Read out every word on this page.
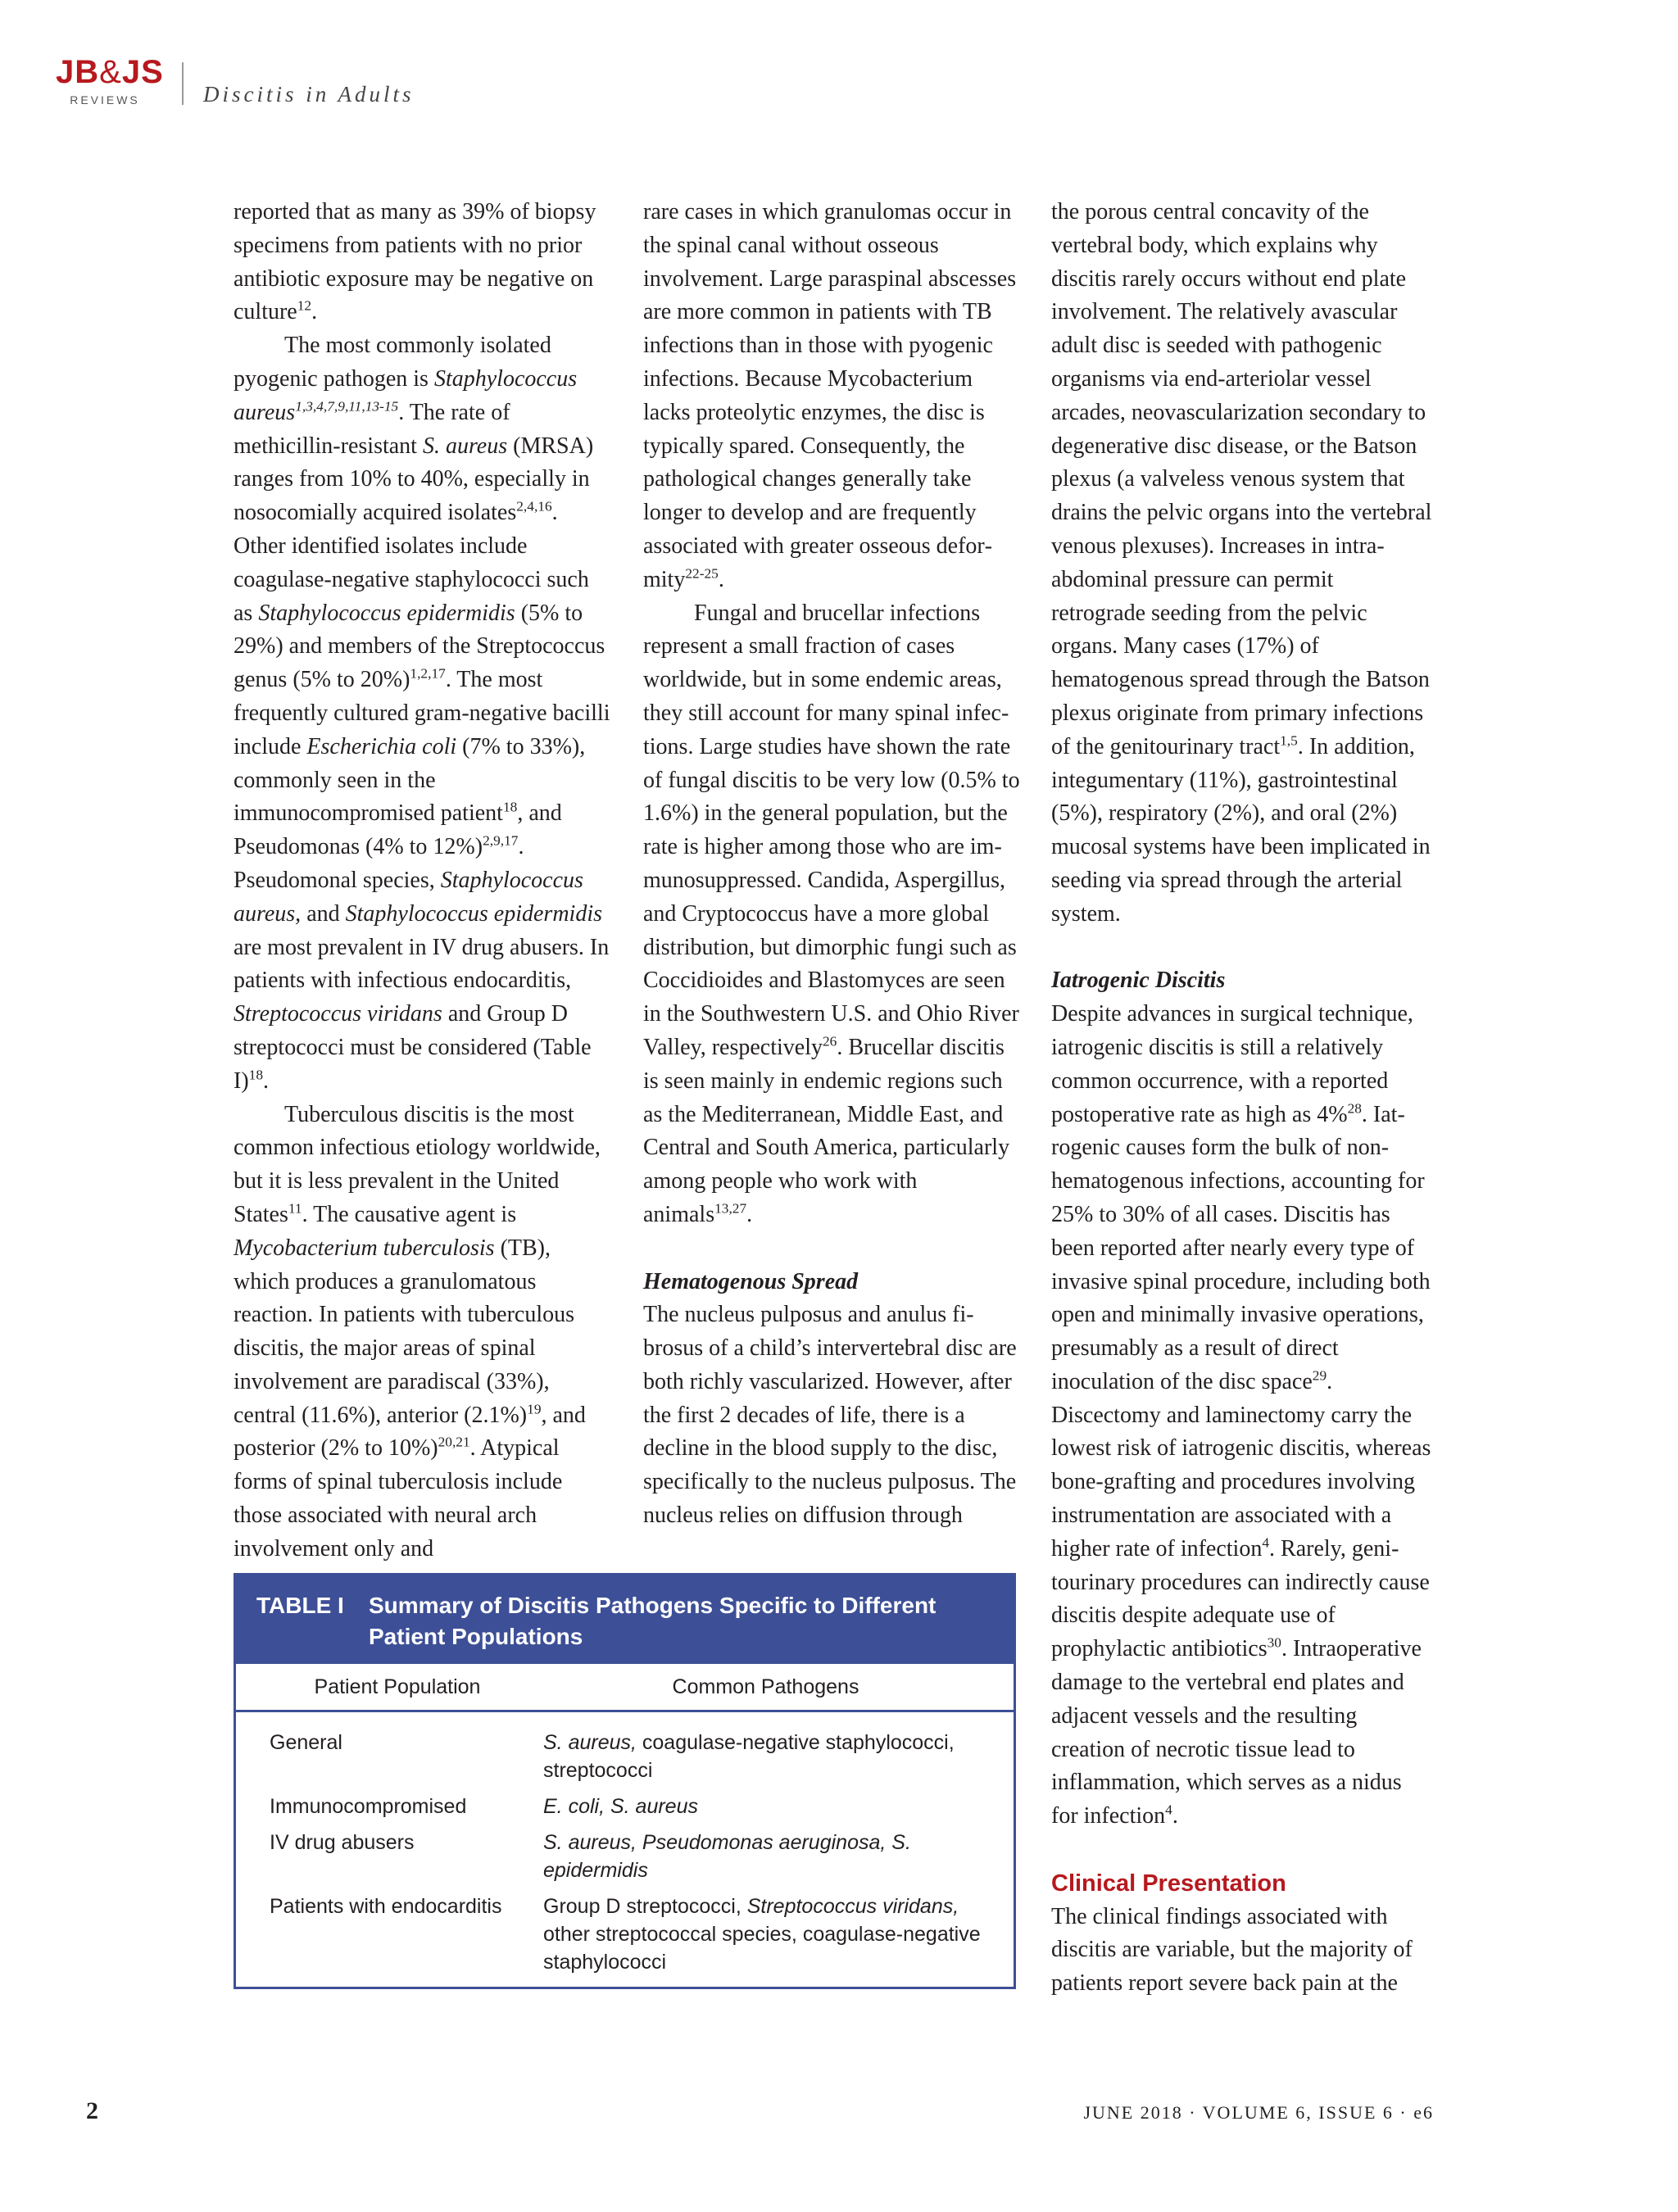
JB&JS
REVIEWS	Discitis in Adults

reported that as many as 39% of biopsy specimens from patients with no prior antibiotic exposure may be negative on culture$^{12}$.

The most commonly isolated pyogenic pathogen is Staphylococcus aureus$^{1,3,4,7,9,11,13-15}$. The rate of methicillin-resistant S. aureus (MRSA) ranges from 10% to 40%, especially in nosocomially acquired isolates$^{2,4,16}$. Other identified isolates include coagulase-negative staphylococci such as Staphylococcus epidermidis (5% to 29%) and members of the Streptococcus genus (5% to 20%)$^{1,2,17}$. The most frequently cultured gram-negative bacilli include Escherichia coli (7% to 33%), commonly seen in the immunocompromised patient$^{18}$, and Pseudomonas (4% to 12%)$^{2,9,17}$. Pseudomonal species, Staphylococcus aureus, and Staphylococcus epidermidis are most prevalent in IV drug abusers. In patients with infectious endocarditis, Streptococcus viridans and Group D streptococci must be considered (Table I)$^{18}$.

Tuberculous discitis is the most common infectious etiology worldwide, but it is less prevalent in the United States$^{11}$. The causative agent is Mycobacterium tuberculosis (TB), which produces a granulomatous reaction. In patients with tuberculous discitis, the major areas of spinal involvement are paradiscal (33%), central (11.6%), anterior $(2.1\%)^{19}$, and posterior (2% to 10%)$^{20,21}$. Atypical forms of spinal tuberculosis include those associated with neural arch involvement only and

rare cases in which granulomas occur in the spinal canal without osseous involvement. Large paraspinal abscesses are more common in patients with TB infections than in those with pyogenic infections. Because Mycobacterium lacks proteolytic enzymes, the disc is typically spared. Consequently, the pathological changes generally take longer to develop and are frequently associated with greater osseous deformity$^{22-25}$.

Fungal and brucellar infections represent a small fraction of cases worldwide, but in some endemic areas, they still account for many spinal infections. Large studies have shown the rate of fungal discitis to be very low (0.5% to 1.6%) in the general population, but the rate is higher among those who are immunosuppressed. Candida, Aspergillus, and Cryptococcus have a more global distribution, but dimorphic fungi such as Coccidioides and Blastomyces are seen in the Southwestern U.S. and Ohio River Valley, respectively$^{26}$. Brucellar discitis is seen mainly in endemic regions such as the Mediterranean, Middle East, and Central and South America, particularly among people who work with animals$^{13,27}$.

Hematogenous Spread

The nucleus pulposus and anulus fibrosus of a child’s intervertebral disc are both richly vascularized. However, after the first 2 decades of life, there is a decline in the blood supply to the disc, specifically to the nucleus pulposus. The nucleus relies on diffusion through

the porous central concavity of the vertebral body, which explains why discitis rarely occurs without end plate involvement. The relatively avascular adult disc is seeded with pathogenic organisms via end-arteriolar vessel arcades, neovascularization secondary to degenerative disc disease, or the Batson plexus (a valveless venous system that drains the pelvic organs into the vertebral venous plexuses). Increases in intra-abdominal pressure can permit retrograde seeding from the pelvic organs. Many cases (17%) of hematogenous spread through the Batson plexus originate from primary infections of the genitourinary tract$^{1,5}$. In addition, integumentary (11%), gastrointestinal (5%), respiratory (2%), and oral (2%) mucosal systems have been implicated in seeding via spread through the arterial system.

Iatrogenic Discitis

Despite advances in surgical technique, iatrogenic discitis is still a relatively common occurrence, with a reported postoperative rate as high as 4%$^{28}$. Iatrogenic causes form the bulk of non-hematogenous infections, accounting for 25% to 30% of all cases. Discitis has been reported after nearly every type of invasive spinal procedure, including both open and minimally invasive operations, presumably as a result of direct inoculation of the disc space$^{29}$. Discectomy and laminectomy carry the lowest risk of iatrogenic discitis, whereas bone-grafting and procedures involving instrumentation are associated with a higher rate of infection$^4$. Rarely, genitourinary procedures can indirectly cause discitis despite adequate use of prophylactic antibiotics$^{30}$. Intraoperative damage to the vertebral end plates and adjacent vessels and the resulting creation of necrotic tissue lead to inflammation, which serves as a nidus for infection$^4$.

Clinical Presentation

The clinical findings associated with discitis are variable, but the majority of patients report severe back pain at the

TABLE I	Summary of Discitis Pathogens Specific to Different Patient Populations
Patient Population	Common Pathogens
General	S. aureus, coagulase-negative staphylococci, streptococci
Immunocompromised	E. coli, S. aureus
IV drug abusers	S. aureus, Pseudomonas aeruginosa, S. epidermidis
Patients with endocarditis	Group D streptococci, Streptococcus viridans, other streptococcal species, coagulase-negative staphylococci
2	JUNE 2018 · VOLUME 6, ISSUE 6 · e6
